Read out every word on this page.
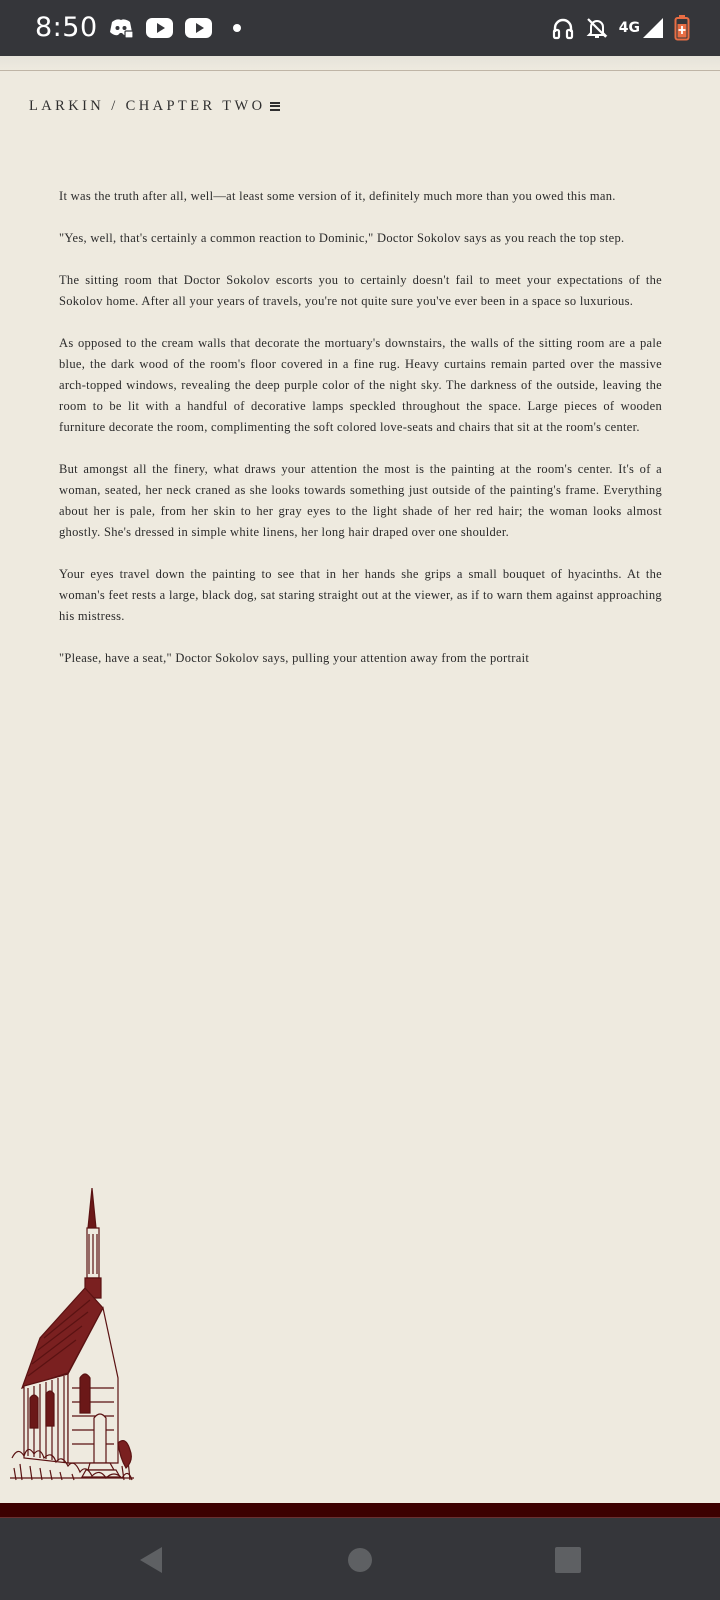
8:50	4G
LARKIN / CHAPTER TWO

It was the truth after all, well—at least some version of it, definitely much more than you owed this man.

"Yes, well, that's certainly a common reaction to Dominic," Doctor Sokolov says as you reach the top step.

The sitting room that Doctor Sokolov escorts you to certainly doesn't fail to meet your expectations of the Sokolov home. After all your years of travels, you're not quite sure you've ever been in a space so luxurious.

As opposed to the cream walls that decorate the mortuary's downstairs, the walls of the sitting room are a pale blue, the dark wood of the room's floor covered in a fine rug. Heavy curtains remain parted over the massive arch-topped windows, revealing the deep purple color of the night sky. The darkness of the outside, leaving the room to be lit with a handful of decorative lamps speckled throughout the space. Large pieces of wooden furniture decorate the room, complimenting the soft colored love-seats and chairs that sit at the room's center.

But amongst all the finery, what draws your attention the most is the painting at the room's center. It's of a woman, seated, her neck craned as she looks towards something just outside of the painting's frame. Everything about her is pale, from her skin to her gray eyes to the light shade of her red hair; the woman looks almost ghostly. She's dressed in simple white linens, her long hair draped over one shoulder.

Your eyes travel down the painting to see that in her hands she grips a small bouquet of hyacinths. At the woman's feet rests a large, black dog, sat staring straight out at the viewer, as if to warn them against approaching his mistress.

"Please, have a seat," Doctor Sokolov says, pulling your attention away from the portrait
